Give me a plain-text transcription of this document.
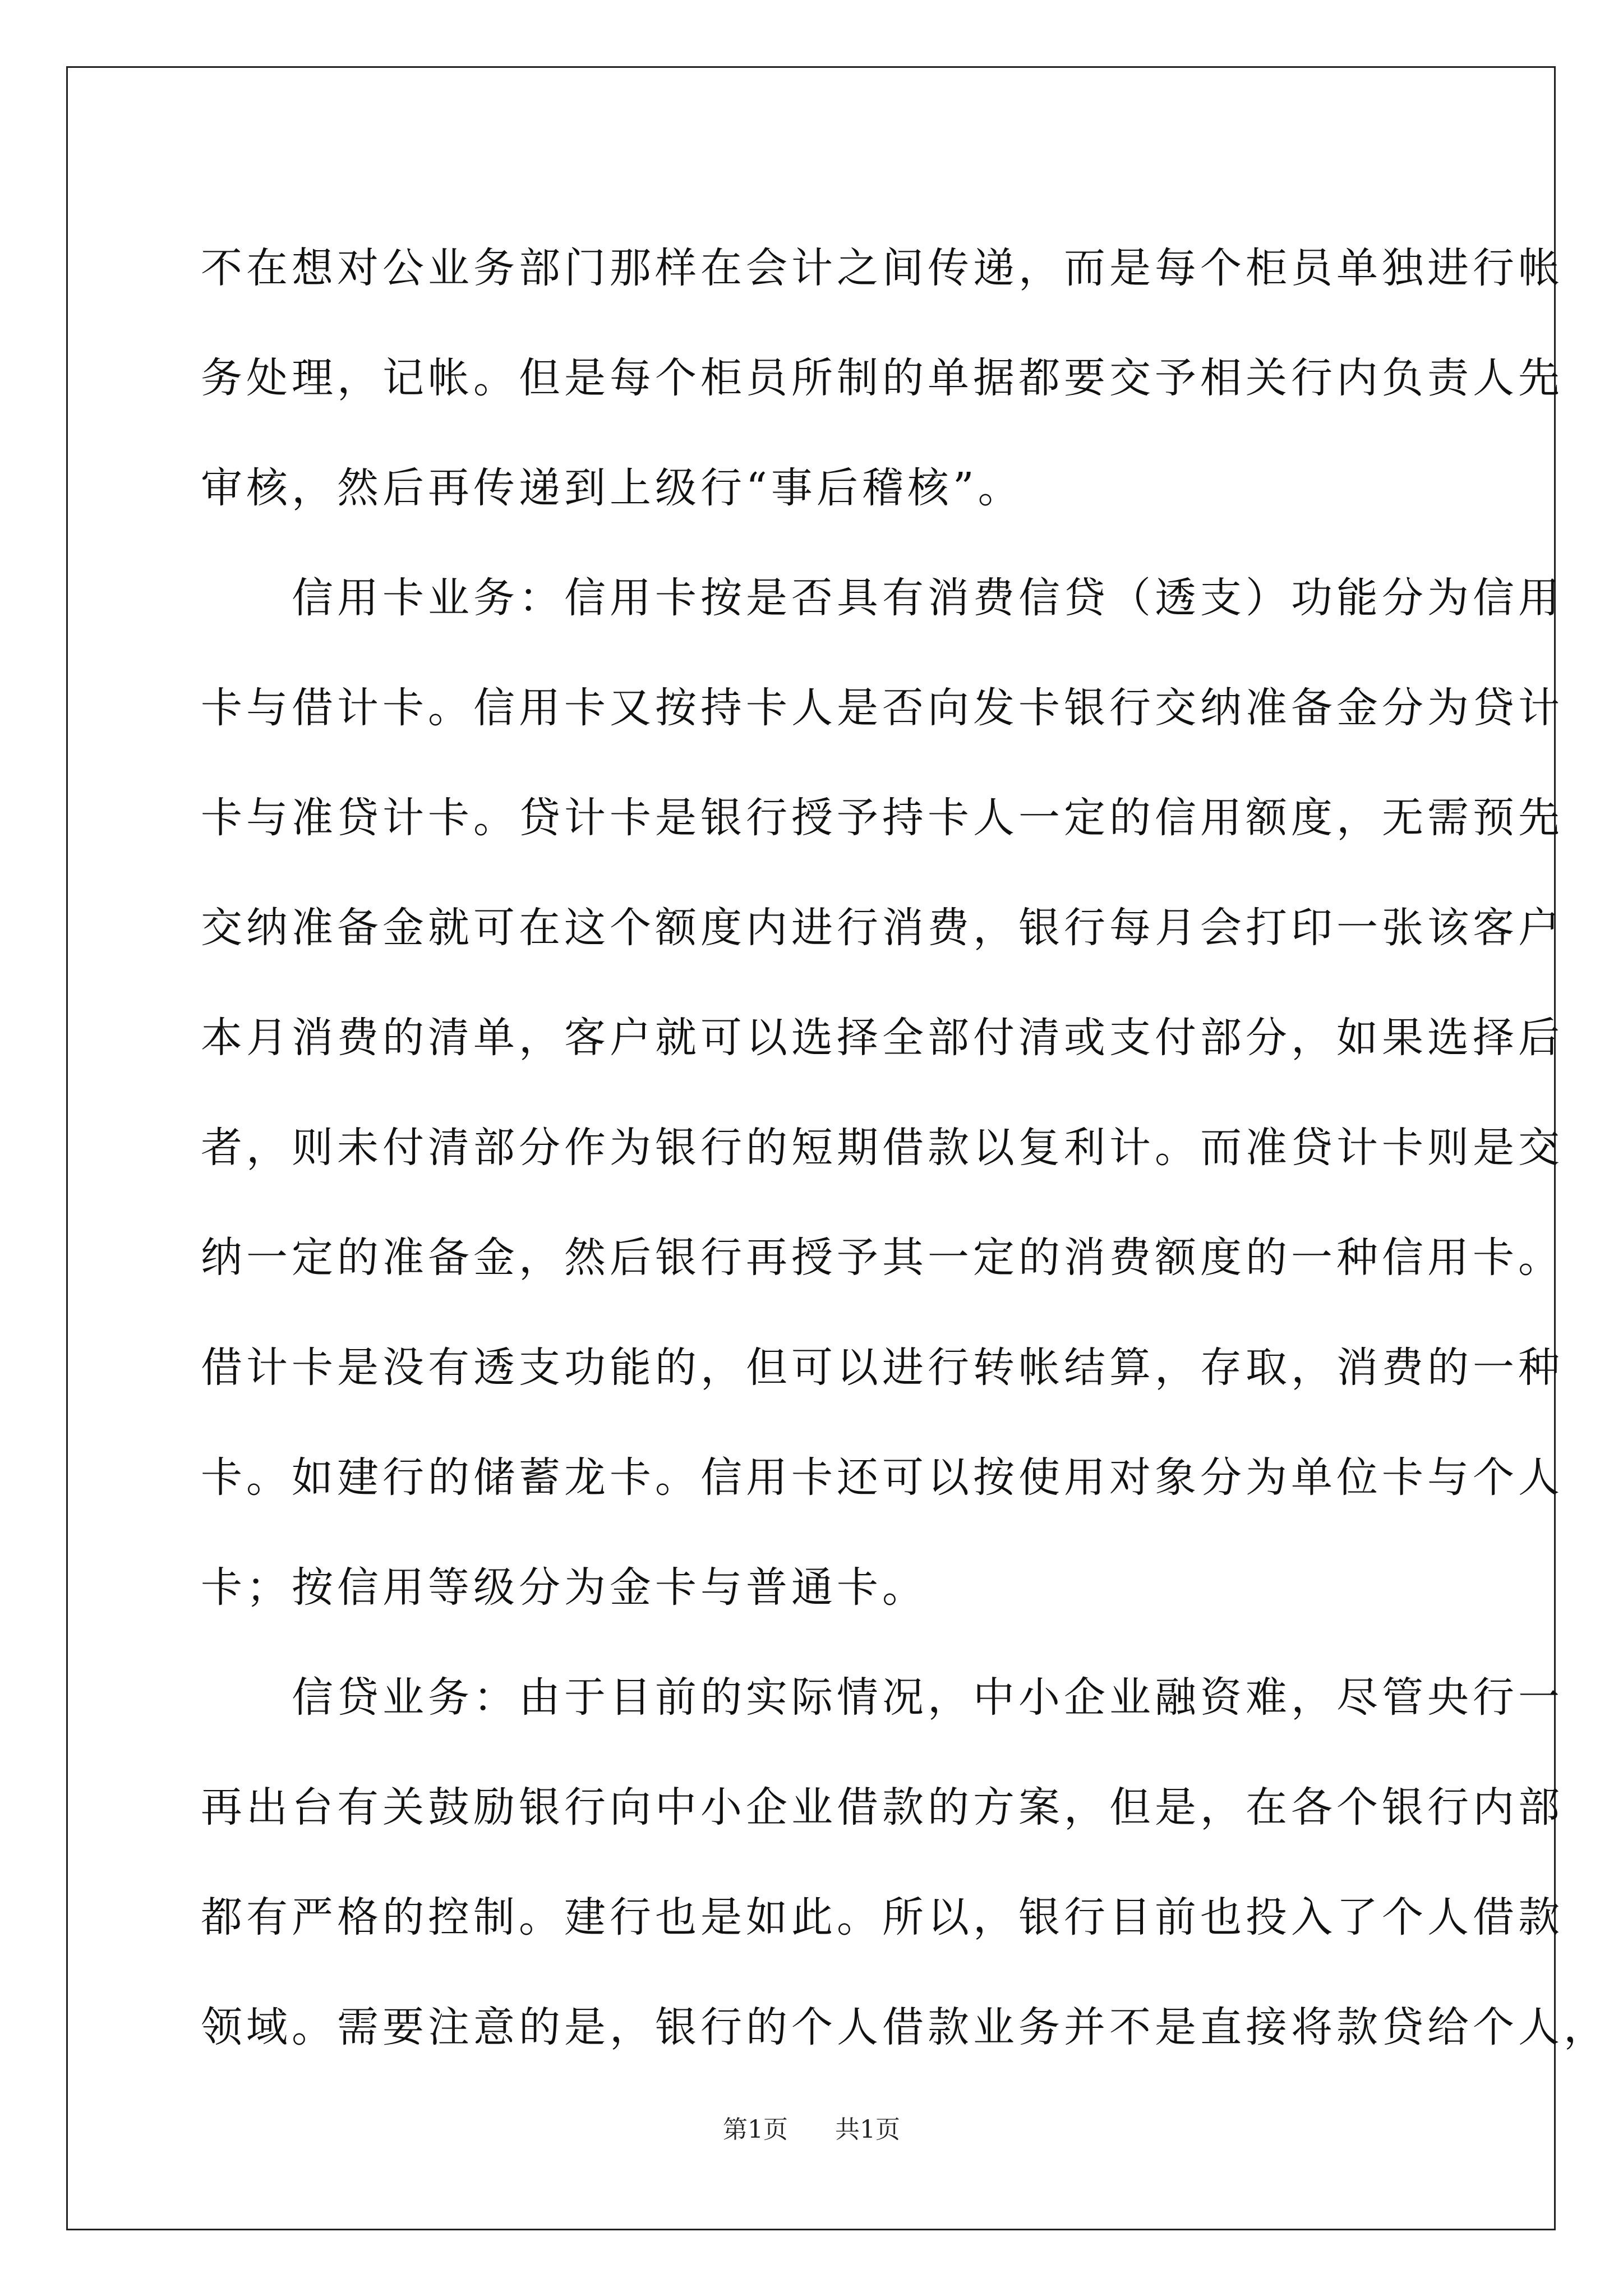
不在想对公业务部门那样在会计之间传递，而是每个柜员单独进行帐
务处理，记帐。但是每个柜员所制的单据都要交予相关行内负责人先
审核，然后再传递到上级行“事后稽核”。
　　信用卡业务：信用卡按是否具有消费信贷（透支）功能分为信用
卡与借计卡。信用卡又按持卡人是否向发卡银行交纳准备金分为贷计
卡与准贷计卡。贷计卡是银行授予持卡人一定的信用额度，无需预先
交纳准备金就可在这个额度内进行消费，银行每月会打印一张该客户
本月消费的清单，客户就可以选择全部付清或支付部分，如果选择后
者，则未付清部分作为银行的短期借款以复利计。而准贷计卡则是交
纳一定的准备金，然后银行再授予其一定的消费额度的一种信用卡。
借计卡是没有透支功能的，但可以进行转帐结算，存取，消费的一种
卡。如建行的储蓄龙卡。信用卡还可以按使用对象分为单位卡与个人
卡；按信用等级分为金卡与普通卡。
　　信贷业务：由于目前的实际情况，中小企业融资难，尽管央行一
再出台有关鼓励银行向中小企业借款的方案，但是，在各个银行内部
都有严格的控制。建行也是如此。所以，银行目前也投入了个人借款
领域。需要注意的是，银行的个人借款业务并不是直接将款贷给个人，
第1页 共1页
